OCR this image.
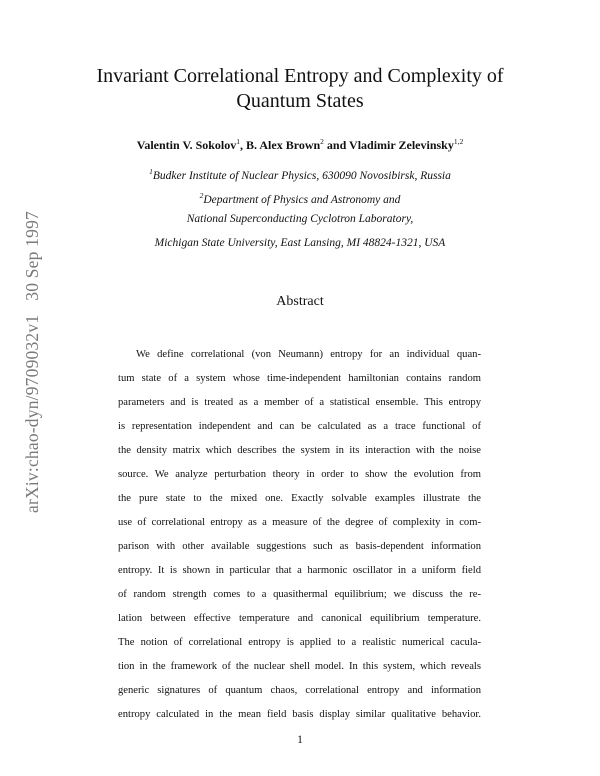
arXiv:chao-dyn/9709032v130 Sep 1997
Invariant Correlational Entropy and Complexity of
Quantum States
Valentin V. Sokolov$^1$, B. Alex Brown$^2$ and Vladimir Zelevinsky$^{1,2}$
$^1$Budker Institute of Nuclear Physics, 630090 Novosibirsk, Russia
$^2$Department of Physics and Astronomy and
National Superconducting Cyclotron Laboratory,
Michigan State University, East Lansing, MI 48824-1321, USA
Abstract
We define correlational (von Neumann) entropy for an individual quan-
tum state of a system whose time-independent hamiltonian contains random
parameters and is treated as a member of a statistical ensemble. This entropy
is representation independent and can be calculated as a trace functional of
the density matrix which describes the system in its interaction with the noise
source. We analyze perturbation theory in order to show the evolution from
the pure state to the mixed one. Exactly solvable examples illustrate the
use of correlational entropy as a measure of the degree of complexity in com-
parison with other available suggestions such as basis-dependent information
entropy. It is shown in particular that a harmonic oscillator in a uniform field
of random strength comes to a quasithermal equilibrium; we discuss the re-
lation between effective temperature and canonical equilibrium temperature.
The notion of correlational entropy is applied to a realistic numerical cacula-
tion in the framework of the nuclear shell model. In this system, which reveals
generic signatures of quantum chaos, correlational entropy and information
entropy calculated in the mean field basis display similar qualitative behavior.
1
